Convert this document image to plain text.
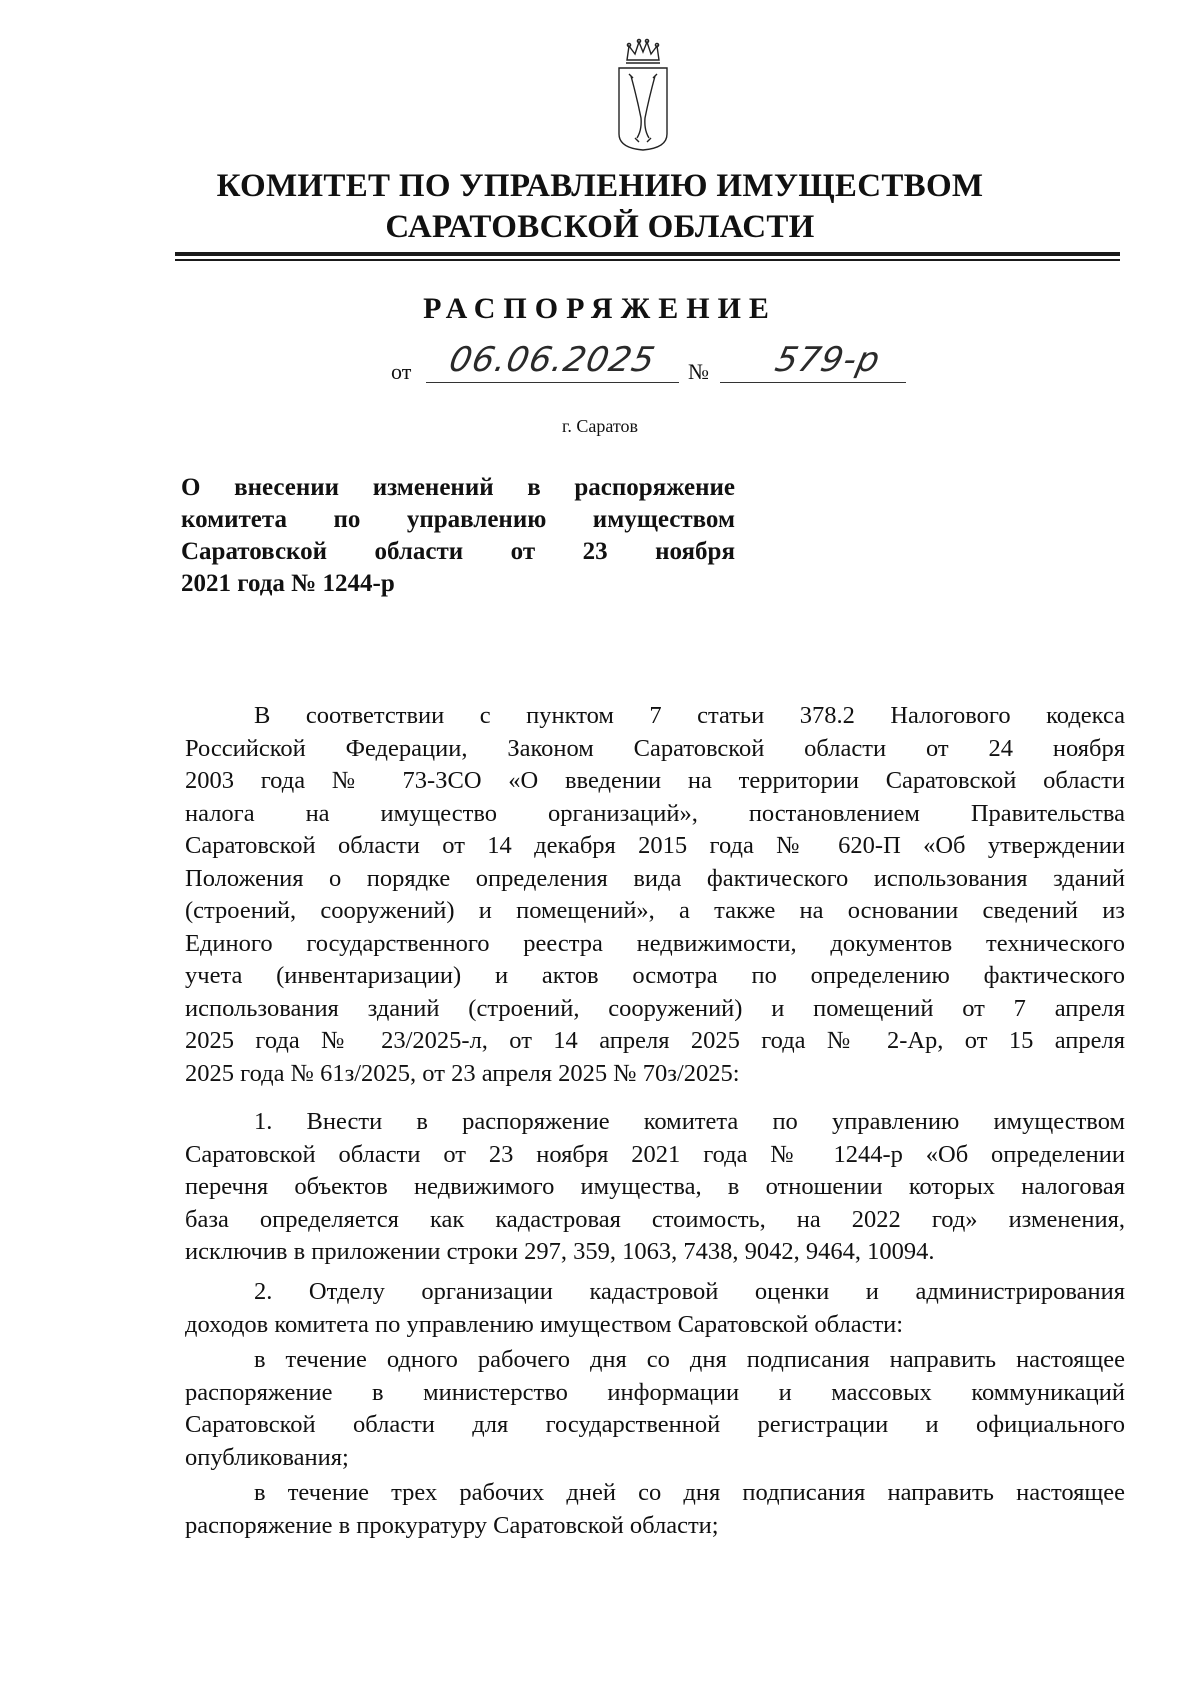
КОМИТЕТ ПО УПРАВЛЕНИЮ ИМУЩЕСТВОМ
САРАТОВСКОЙ ОБЛАСТИ
РАСПОРЯЖЕНИЕ
от 06.06.2025 № 579-р
г. Саратов
О внесении изменений в распоряжение
комитета по управлению имуществом
Саратовской области от 23 ноября
2021 года № 1244-р
В соответствии с пунктом 7 статьи 378.2 Налогового кодекса
Российской Федерации, Законом Саратовской области от 24 ноября
2003 года № 73-ЗСО «О введении на территории Саратовской области
налога на имущество организаций», постановлением Правительства
Саратовской области от 14 декабря 2015 года № 620-П «Об утверждении
Положения о порядке определения вида фактического использования зданий
(строений, сооружений) и помещений», а также на основании сведений из
Единого государственного реестра недвижимости, документов технического
учета (инвентаризации) и актов осмотра по определению фактического
использования зданий (строений, сооружений) и помещений от 7 апреля
2025 года № 23/2025-л, от 14 апреля 2025 года № 2-Ар, от 15 апреля
2025 года № 61з/2025, от 23 апреля 2025 № 70з/2025:
1. Внести в распоряжение комитета по управлению имуществом
Саратовской области от 23 ноября 2021 года № 1244-р «Об определении
перечня объектов недвижимого имущества, в отношении которых налоговая
база определяется как кадастровая стоимость, на 2022 год» изменения,
исключив в приложении строки 297, 359, 1063, 7438, 9042, 9464, 10094.
2. Отделу организации кадастровой оценки и администрирования
доходов комитета по управлению имуществом Саратовской области:
в течение одного рабочего дня со дня подписания направить настоящее
распоряжение в министерство информации и массовых коммуникаций
Саратовской области для государственной регистрации и официального
опубликования;
в течение трех рабочих дней со дня подписания направить настоящее
распоряжение в прокуратуру Саратовской области;
